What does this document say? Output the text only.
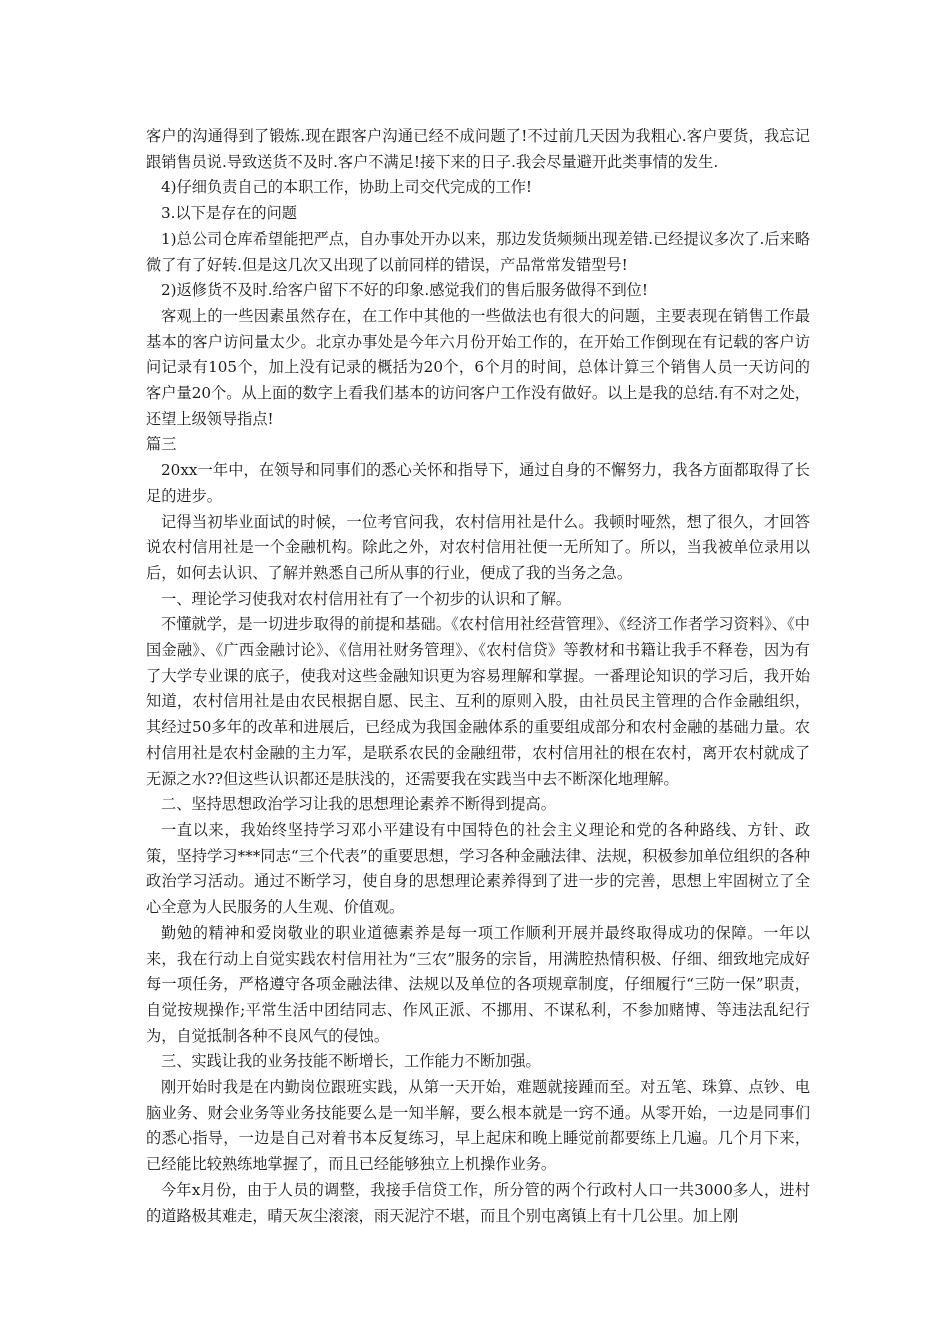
客户的沟通得到了锻炼.现在跟客户沟通已经不成问题了!不过前几天因为我粗心.客户要货，我忘记跟销售员说.导致送货不及时.客户不满足!接下来的日子.我会尽量避开此类事情的发生.

4)仔细负责自己的本职工作，协助上司交代完成的工作!

3.以下是存在的问题

1)总公司仓库希望能把严点，自办事处开办以来，那边发货频频出现差错.已经提议多次了.后来略微了有了好转.但是这几次又出现了以前同样的错误，产品常常发错型号!

2)返修货不及时.给客户留下不好的印象.感觉我们的售后服务做得不到位!

客观上的一些因素虽然存在，在工作中其他的一些做法也有很大的问题，主要表现在销售工作最基本的客户访问量太少。北京办事处是今年六月份开始工作的，在开始工作倒现在有记载的客户访问记录有105个，加上没有记录的概括为20个，6个月的时间，总体计算三个销售人员一天访问的客户量20个。从上面的数字上看我们基本的访问客户工作没有做好。以上是我的总结.有不对之处，还望上级领导指点!

篇三

20xx一年中，在领导和同事们的悉心关怀和指导下，通过自身的不懈努力，我各方面都取得了长足的进步。

记得当初毕业面试的时候，一位考官问我，农村信用社是什么。我顿时哑然，想了很久，才回答说农村信用社是一个金融机构。除此之外，对农村信用社便一无所知了。所以，当我被单位录用以后，如何去认识、了解并熟悉自己所从事的行业，便成了我的当务之急。

一、理论学习使我对农村信用社有了一个初步的认识和了解。

不懂就学，是一切进步取得的前提和基础。《农村信用社经营管理》、《经济工作者学习资料》、《中国金融》、《广西金融讨论》、《信用社财务管理》、《农村信贷》等教材和书籍让我手不释卷，因为有了大学专业课的底子，使我对这些金融知识更为容易理解和掌握。一番理论知识的学习后，我开始知道，农村信用社是由农民根据自愿、民主、互利的原则入股，由社员民主管理的合作金融组织，其经过50多年的改革和进展后，已经成为我国金融体系的重要组成部分和农村金融的基础力量。农村信用社是农村金融的主力军，是联系农民的金融纽带，农村信用社的根在农村，离开农村就成了无源之水??但这些认识都还是肤浅的，还需要我在实践当中去不断深化地理解。

二、坚持思想政治学习让我的思想理论素养不断得到提高。

一直以来，我始终坚持学习邓小平建设有中国特色的社会主义理论和党的各种路线、方针、政策，坚持学习***同志“三个代表”的重要思想，学习各种金融法律、法规，积极参加单位组织的各种政治学习活动。通过不断学习，使自身的思想理论素养得到了进一步的完善，思想上牢固树立了全心全意为人民服务的人生观、价值观。

勤勉的精神和爱岗敬业的职业道德素养是每一项工作顺利开展并最终取得成功的保障。一年以来，我在行动上自觉实践农村信用社为“三农”服务的宗旨，用满腔热情积极、仔细、细致地完成好每一项任务，严格遵守各项金融法律、法规以及单位的各项规章制度，仔细履行“三防一保”职责，自觉按规操作;平常生活中团结同志、作风正派、不挪用、不谋私利，不参加赌博、等违法乱纪行为，自觉抵制各种不良风气的侵蚀。

三、实践让我的业务技能不断增长，工作能力不断加强。

刚开始时我是在内勤岗位跟班实践，从第一天开始，难题就接踵而至。对五笔、珠算、点钞、电脑业务、财会业务等业务技能要么是一知半解，要么根本就是一窍不通。从零开始，一边是同事们的悉心指导，一边是自己对着书本反复练习，早上起床和晚上睡觉前都要练上几遍。几个月下来，已经能比较熟练地掌握了，而且已经能够独立上机操作业务。

今年x月份，由于人员的调整，我接手信贷工作，所分管的两个行政村人口一共3000多人，进村的道路极其难走，晴天灰尘滚滚，雨天泥泞不堪，而且个别屯离镇上有十几公里。加上刚
